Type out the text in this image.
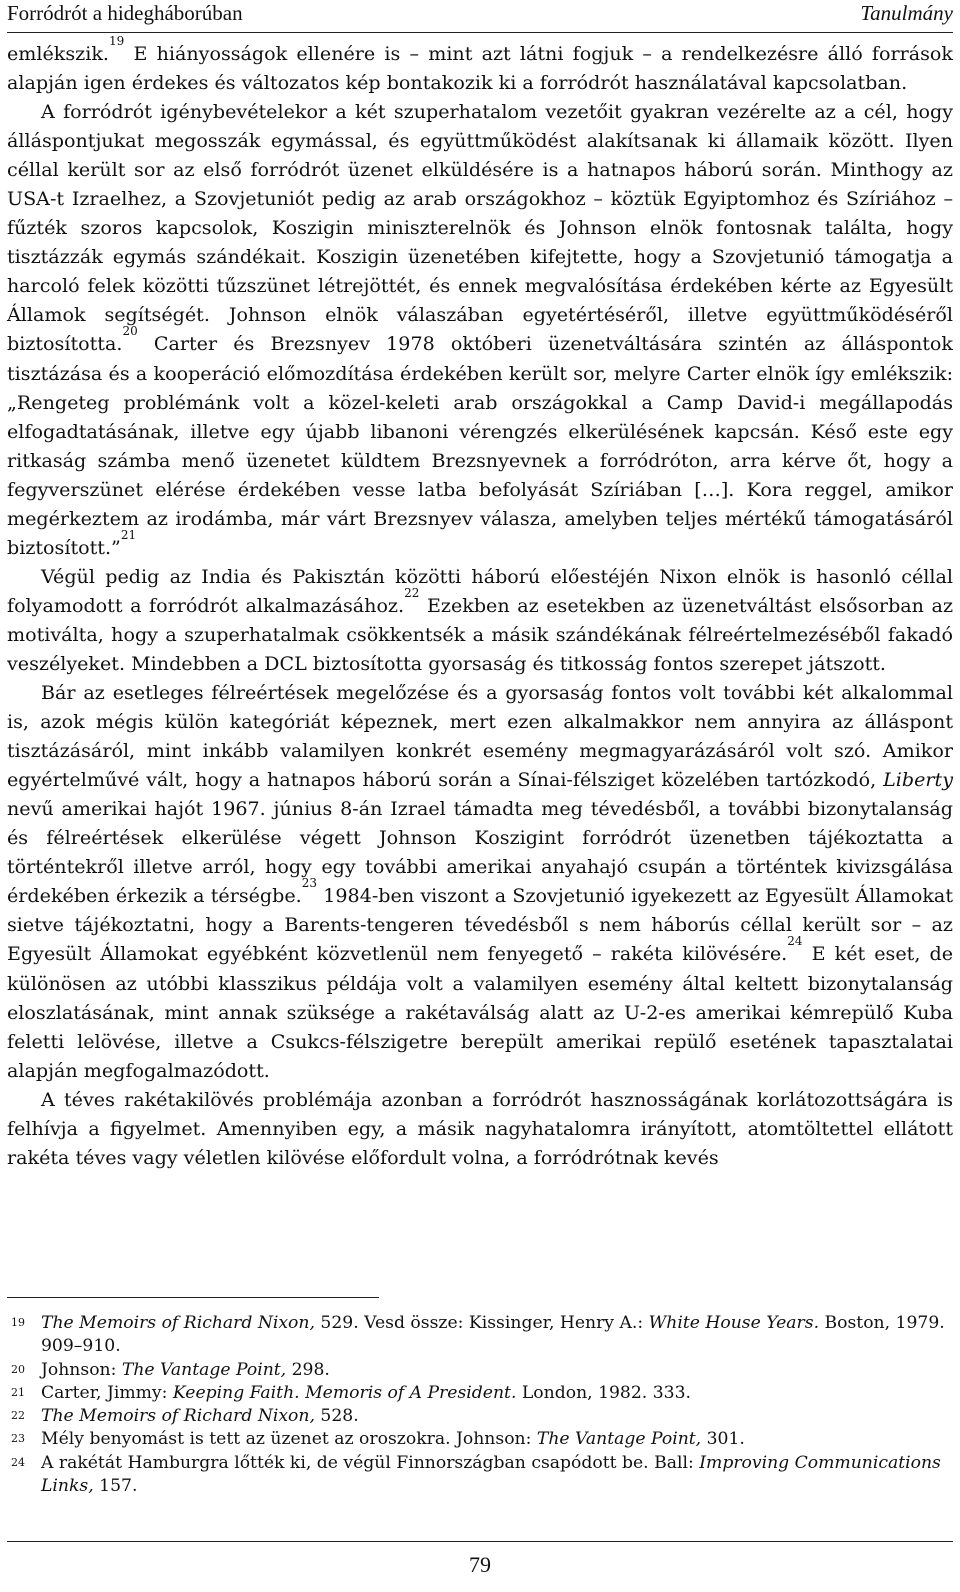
Forródrót a hidegháborúban	Tanulmány

emlékszik.$^{19}$ E hiányosságok ellenére is – mint azt látni fogjuk – a rendelkezésre álló források alapján igen érdekes és változatos kép bontakozik ki a forródrót használatával kapcsolatban.

A forródrót igénybevételekor a két szuperhatalom vezetőit gyakran vezérelte az a cél, hogy álláspontjukat megosszák egymással, és együttműködést alakítsanak ki államaik között. Ilyen céllal került sor az első forródrót üzenet elküldésére is a hatnapos háború során. Minthogy az USA-t Izraelhez, a Szovjetuniót pedig az arab országokhoz – köztük Egyiptomhoz és Szíriához – fűzték szoros kapcsolok, Koszigin miniszterelnök és Johnson elnök fontosnak találta, hogy tisztázzák egymás szándékait. Koszigin üzenetében kifejtette, hogy a Szovjetunió támogatja a harcoló felek közötti tűzszünet létrejöttét, és ennek megvalósítása érdekében kérte az Egyesült Államok segítségét. Johnson elnök válaszában egyetértéséről, illetve együttműködéséről biztosította.$^{20}$ Carter és Brezsnyev 1978 októberi üzenetváltására szintén az álláspontok tisztázása és a kooperáció előmozdítása érdekében került sor, melyre Carter elnök így emlékszik: „Rengeteg problémánk volt a közel-keleti arab országokkal a Camp David-i megállapodás elfogadtatásának, illetve egy újabb libanoni vérengzés elkerülésének kapcsán. Késő este egy ritkaság számba menő üzenetet küldtem Brezsnyevnek a forródróton, arra kérve őt, hogy a fegyverszünet elérése érdekében vesse latba befolyását Szíriában […]. Kora reggel, amikor megérkeztem az irodámba, már várt Brezsnyev válasza, amelyben teljes mértékű támogatásáról biztosított.”$^{21}$

Végül pedig az India és Pakisztán közötti háború előestéjén Nixon elnök is hasonló céllal folyamodott a forródrót alkalmazásához.$^{22}$ Ezekben az esetekben az üzenetváltást elsősorban az motiválta, hogy a szuperhatalmak csökkentsék a másik szándékának félreértelmezéséből fakadó veszélyeket. Mindebben a DCL biztosította gyorsaság és titkosság fontos szerepet játszott.

Bár az esetleges félreértések megelőzése és a gyorsaság fontos volt további két alkalommal is, azok mégis külön kategóriát képeznek, mert ezen alkalmakkor nem annyira az álláspont tisztázásáról, mint inkább valamilyen konkrét esemény megmagyarázásáról volt szó. Amikor egyértelművé vált, hogy a hatnapos háború során a Sínai-félsziget közelében tartózkodó, Liberty nevű amerikai hajót 1967. június 8-án Izrael támadta meg tévedésből, a további bizonytalanság és félreértések elkerülése végett Johnson Koszigint forródrót üzenetben tájékoztatta a történtekről illetve arról, hogy egy további amerikai anyahajó csupán a történtek kivizsgálása érdekében érkezik a térségbe.$^{23}$ 1984-ben viszont a Szovjetunió igyekezett az Egyesült Államokat sietve tájékoztatni, hogy a Barents-tengeren tévedésből s nem háborús céllal került sor – az Egyesült Államokat egyébként közvetlenül nem fenyegető – rakéta kilövésére.$^{24}$ E két eset, de különösen az utóbbi klasszikus példája volt a valamilyen esemény által keltett bizonytalanság eloszlatásának, mint annak szüksége a rakétaválság alatt az U-2-es amerikai kémrepülő Kuba feletti lelövése, illetve a Csukcs-félszigetre berepült amerikai repülő esetének tapasztalatai alapján megfogalmazódott.

A téves rakétakilövés problémája azonban a forródrót hasznosságának korlátozottságára is felhívja a figyelmet. Amennyiben egy, a másik nagyhatalomra irányított, atomtöltettel ellátott rakéta téves vagy véletlen kilövése előfordult volna, a forródrótnak kevés

19 The Memoirs of Richard Nixon, 529. Vesd össze: Kissinger, Henry A.: White House Years. Boston, 1979. 909–910.
20 Johnson: The Vantage Point, 298.
21 Carter, Jimmy: Keeping Faith. Memoris of A President. London, 1982. 333.
22 The Memoirs of Richard Nixon, 528.
23 Mély benyomást is tett az üzenet az oroszokra. Johnson: The Vantage Point, 301.
24 A rakétát Hamburgra lőtték ki, de végül Finnországban csapódott be. Ball: Improving Communications Links, 157.
79
